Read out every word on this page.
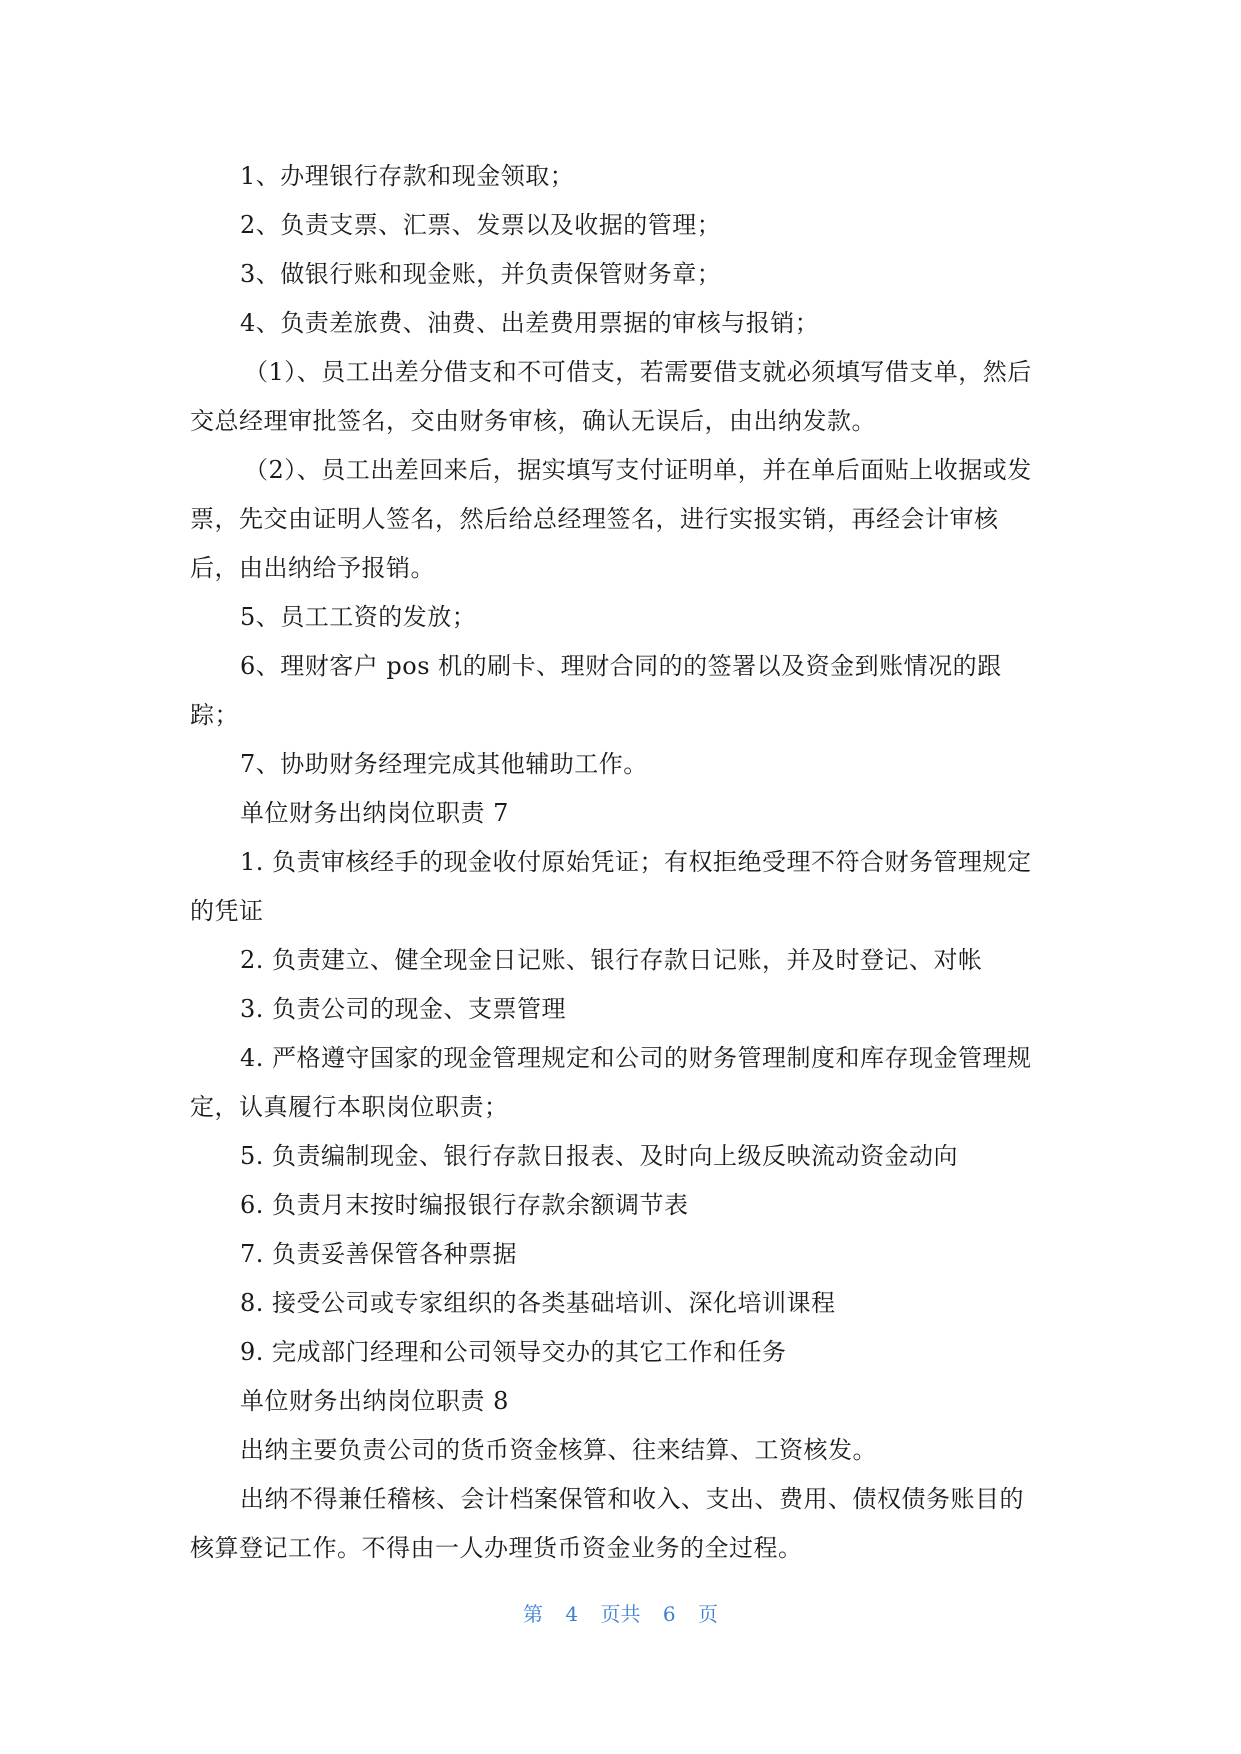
1、办理银行存款和现金领取；

2、负责支票、汇票、发票以及收据的管理；

3、做银行账和现金账，并负责保管财务章；

4、负责差旅费、油费、出差费用票据的审核与报销；

（1）、员工出差分借支和不可借支，若需要借支就必须填写借支单，然后交总经理审批签名，交由财务审核，确认无误后，由出纳发款。

（2）、员工出差回来后，据实填写支付证明单，并在单后面贴上收据或发票，先交由证明人签名，然后给总经理签名，进行实报实销，再经会计审核后，由出纳给予报销。

5、员工工资的发放；

6、理财客户 pos 机的刷卡、理财合同的的签署以及资金到账情况的跟踪；

7、协助财务经理完成其他辅助工作。

单位财务出纳岗位职责 7

1. 负责审核经手的现金收付原始凭证；有权拒绝受理不符合财务管理规定的凭证

2. 负责建立、健全现金日记账、银行存款日记账，并及时登记、对帐

3. 负责公司的现金、支票管理

4. 严格遵守国家的现金管理规定和公司的财务管理制度和库存现金管理规定，认真履行本职岗位职责；

5. 负责编制现金、银行存款日报表、及时向上级反映流动资金动向

6. 负责月末按时编报银行存款余额调节表

7. 负责妥善保管各种票据

8. 接受公司或专家组织的各类基础培训、深化培训课程

9. 完成部门经理和公司领导交办的其它工作和任务

单位财务出纳岗位职责 8

出纳主要负责公司的货币资金核算、往来结算、工资核发。

出纳不得兼任稽核、会计档案保管和收入、支出、费用、债权债务账目的核算登记工作。不得由一人办理货币资金业务的全过程。

第 4 页共 6 页
